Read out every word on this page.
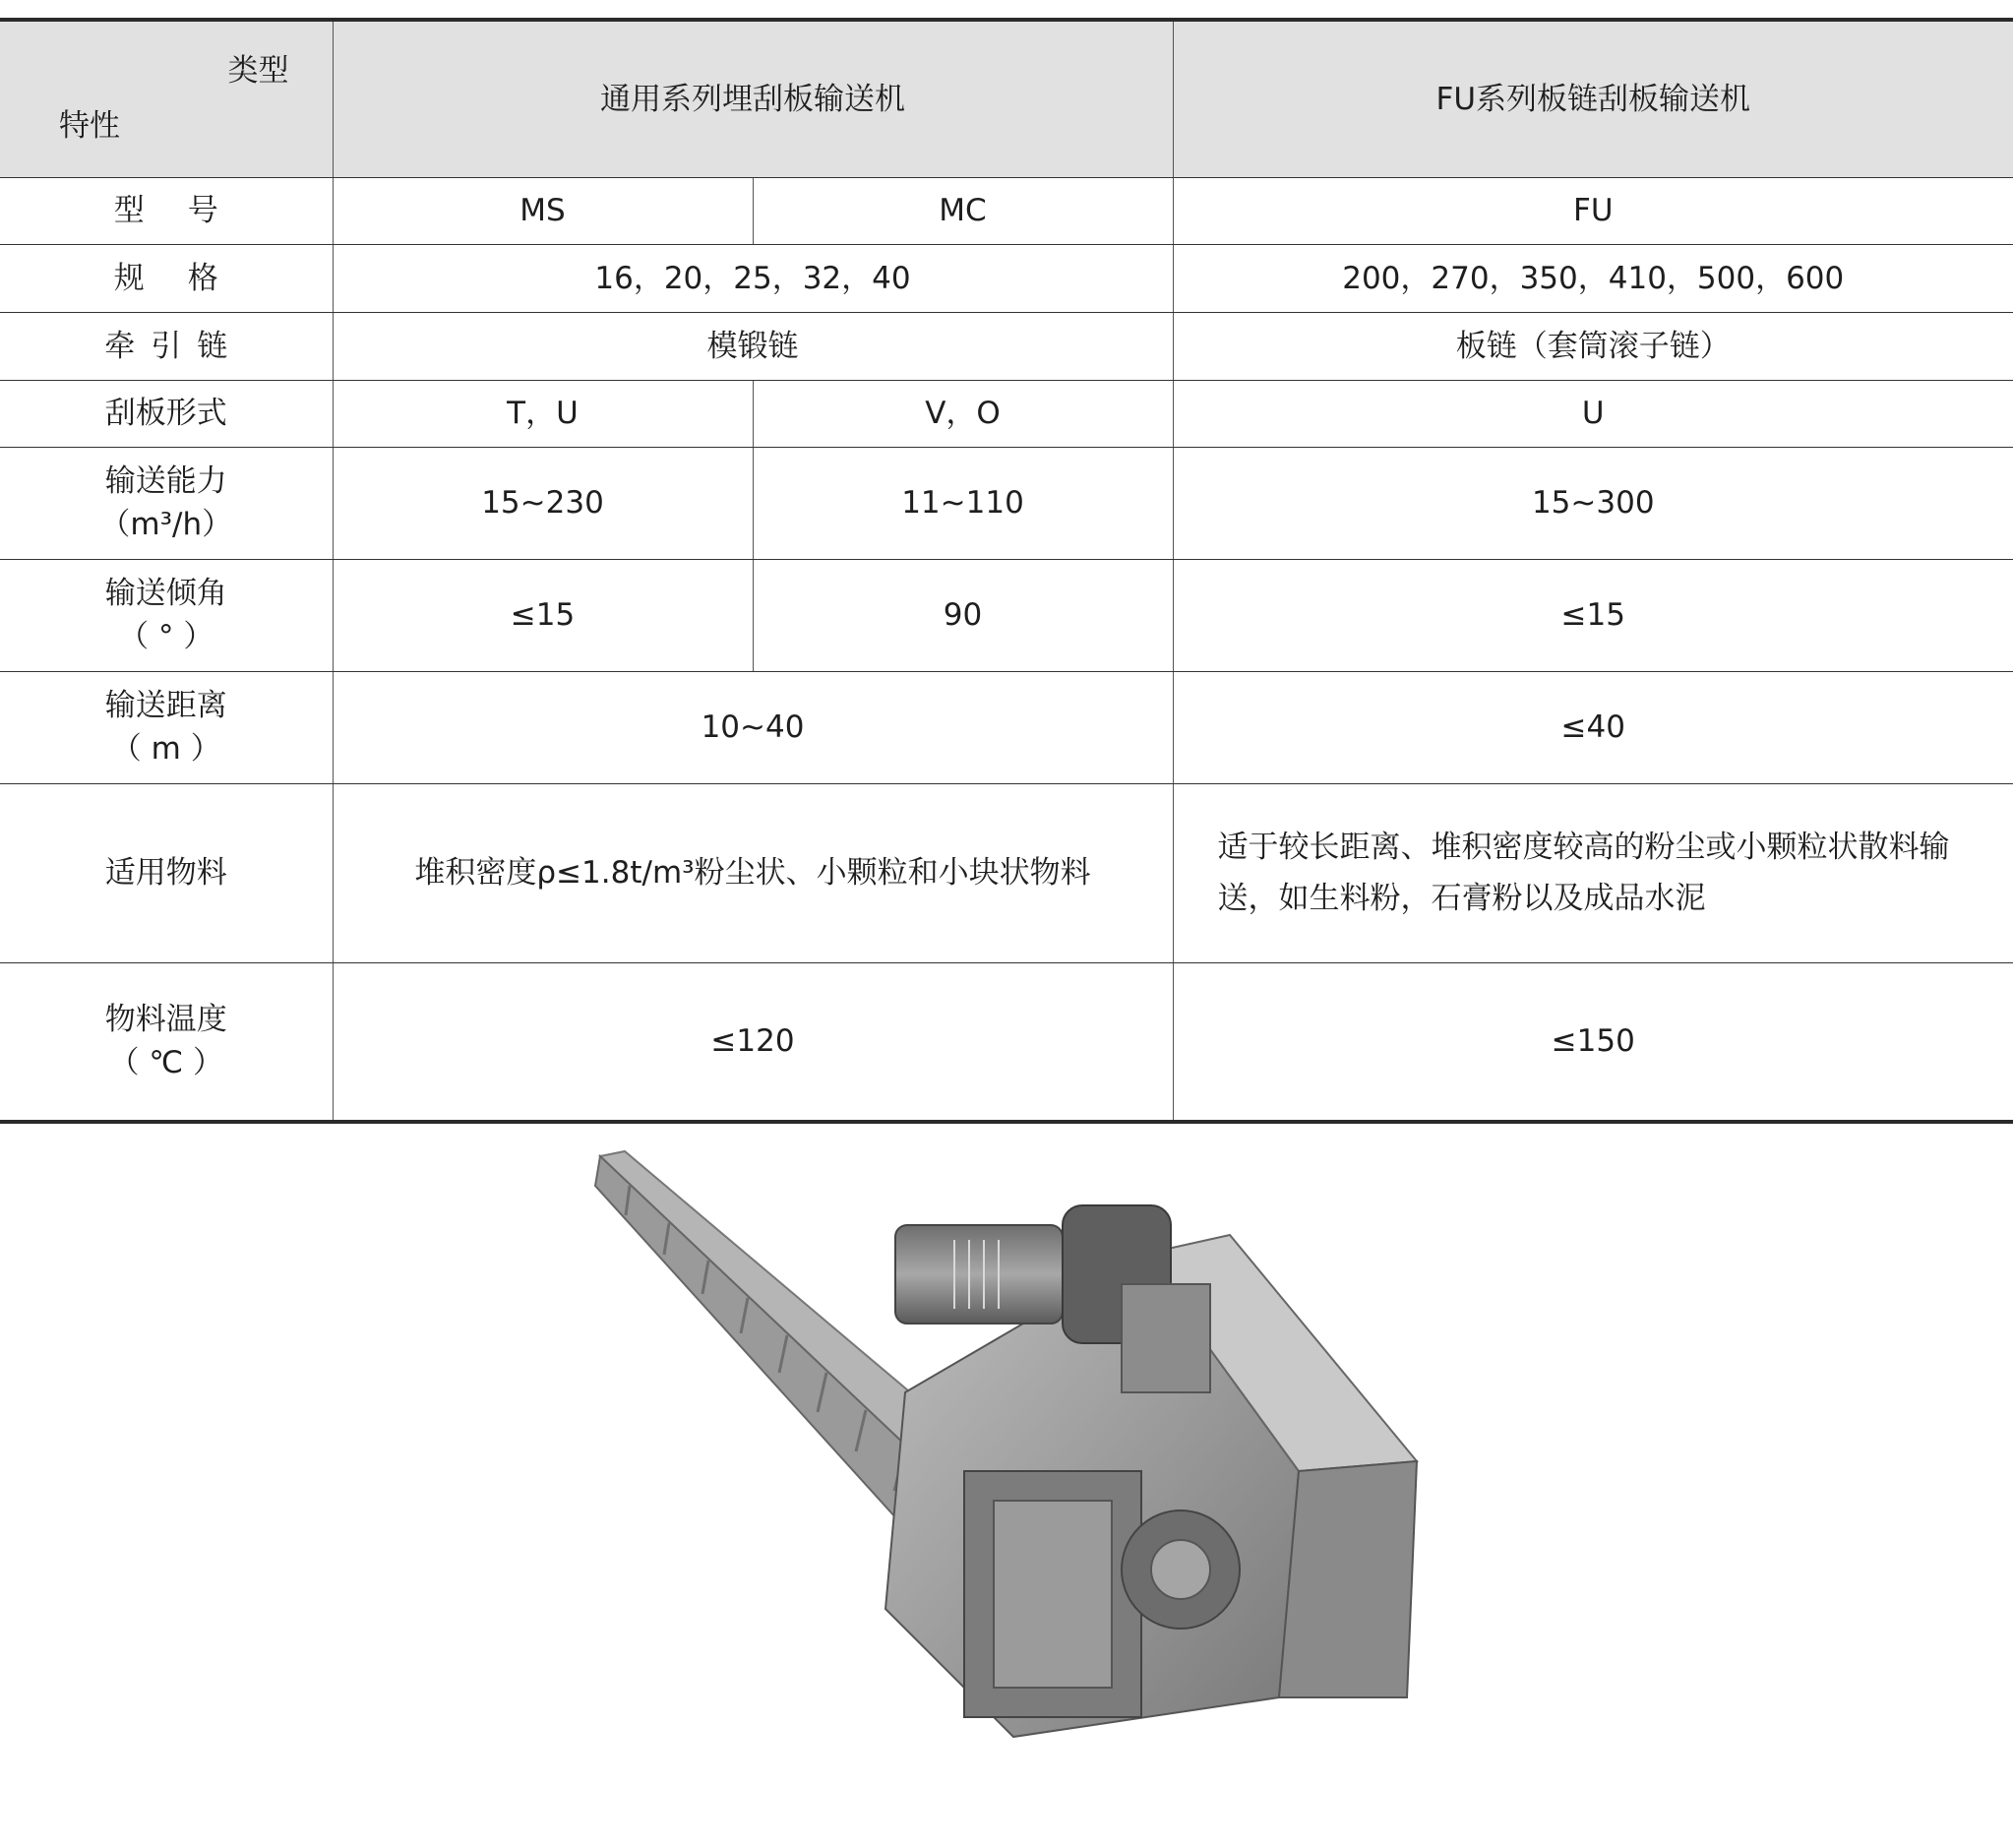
类型
特性	通用系列埋刮板输送机		FU系列板链刮板输送机
型号	MS	MC	FU
规格	16，20，25，32，40		200，270，350，410，500，600
牵引链	模锻链		板链（套筒滚子链）
刮板形式	T，U	V，O	U

输送能力
（m³/h）	15~230	11~110	15~300

输送倾角
（ ° ）	≤15	90	≤15

输送距离
（ m ）	10~40		≤40
适用物料	堆积密度ρ≤1.8t/m³粉尘状、小颗粒和小块状物料		适于较长距离、堆积密度较高的粉尘或小颗粒状散料输送，如生料粉，石膏粉以及成品水泥

物料温度
（ ℃ ）	≤120		≤150
